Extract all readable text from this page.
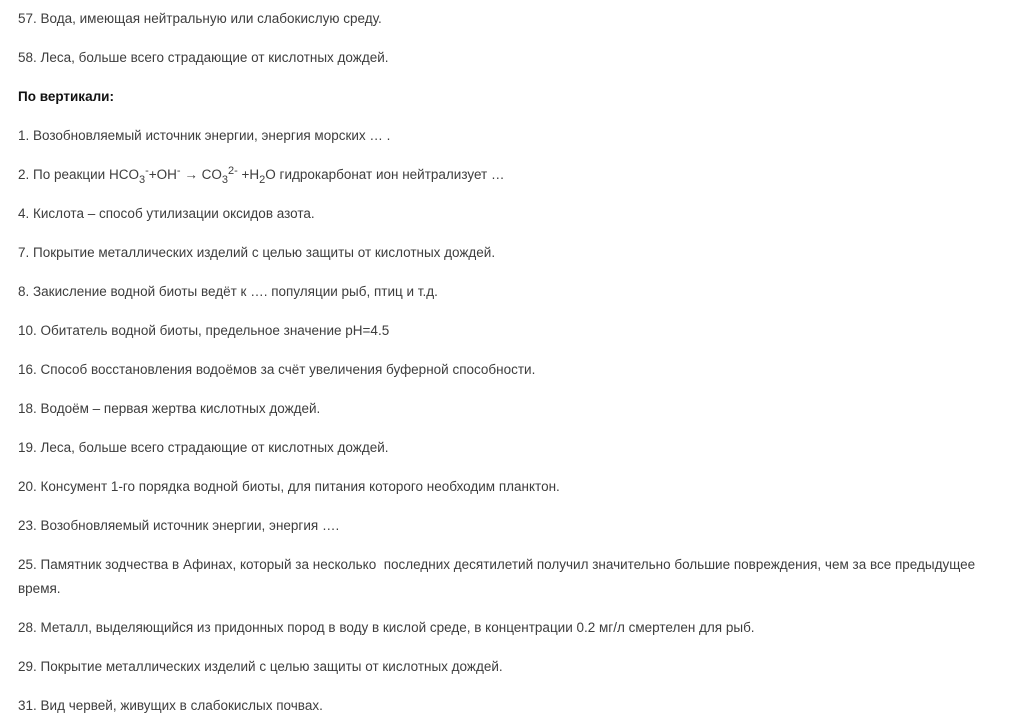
57. Вода, имеющая нейтральную или слабокислую среду.

58. Леса, больше всего страдающие от кислотных дождей.

По вертикали:

1. Возобновляемый источник энергии, энергия морских … .

2. По реакции $HCO_3^-+OH^- \to CO_3^{2-} +H_2O$ гидрокарбонат ион нейтрализует …

4. Кислота – способ утилизации оксидов азота.

7. Покрытие металлических изделий с целью защиты от кислотных дождей.

8. Закисление водной биоты ведёт к …. популяции рыб, птиц и т.д.

10. Обитатель водной биоты, предельное значение pH=4.5

16. Способ восстановления водоёмов за счёт увеличения буферной способности.

18. Водоём – первая жертва кислотных дождей.

19. Леса, больше всего страдающие от кислотных дождей.

20. Консумент 1-го порядка водной биоты, для питания которого необходим планктон.

23. Возобновляемый источник энергии, энергия ….

25. Памятник зодчества в Афинах, который за несколько  последних десятилетий получил значительно большие повреждения, чем за все предыдущее время.

28. Металл, выделяющийся из придонных пород в воду в кислой среде, в концентрации 0.2 мг/л смертелен для рыб.

29. Покрытие металлических изделий с целью защиты от кислотных дождей.

31. Вид червей, живущих в слабокислых почвах.
